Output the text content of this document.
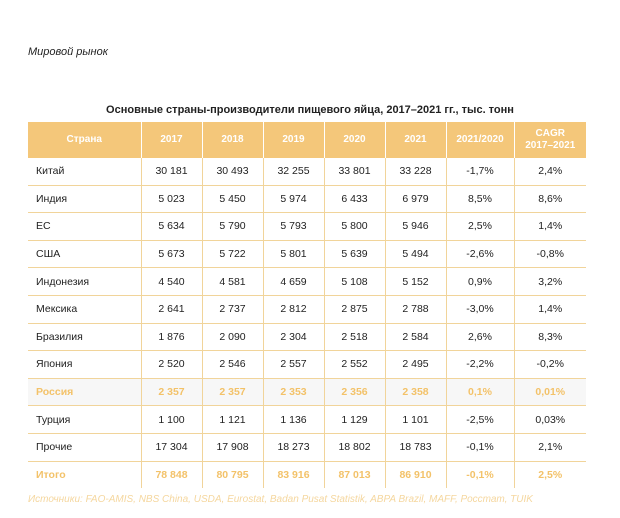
Мировой рынок
Основные страны-производители пищевого яйца, 2017–2021 гг., тыс. тонн
Страна	2017	2018	2019	2020	2021	2021/2020	CAGR 2017–2021
Китай	30 181	30 493	32 255	33 801	33 228	-1,7%	2,4%
Индия	5 023	5 450	5 974	6 433	6 979	8,5%	8,6%
ЕС	5 634	5 790	5 793	5 800	5 946	2,5%	1,4%
США	5 673	5 722	5 801	5 639	5 494	-2,6%	-0,8%
Индонезия	4 540	4 581	4 659	5 108	5 152	0,9%	3,2%
Мексика	2 641	2 737	2 812	2 875	2 788	-3,0%	1,4%
Бразилия	1 876	2 090	2 304	2 518	2 584	2,6%	8,3%
Япония	2 520	2 546	2 557	2 552	2 495	-2,2%	-0,2%
Россия	2 357	2 357	2 353	2 356	2 358	0,1%	0,01%
Турция	1 100	1 121	1 136	1 129	1 101	-2,5%	0,03%
Прочие	17 304	17 908	18 273	18 802	18 783	-0,1%	2,1%
Итого	78 848	80 795	83 916	87 013	86 910	-0,1%	2,5%
Источники: FAO-AMIS, NBS China, USDA, Eurostat, Badan Pusat Statistik, ABPA Brazil, MAFF, Росстат, TUIK
